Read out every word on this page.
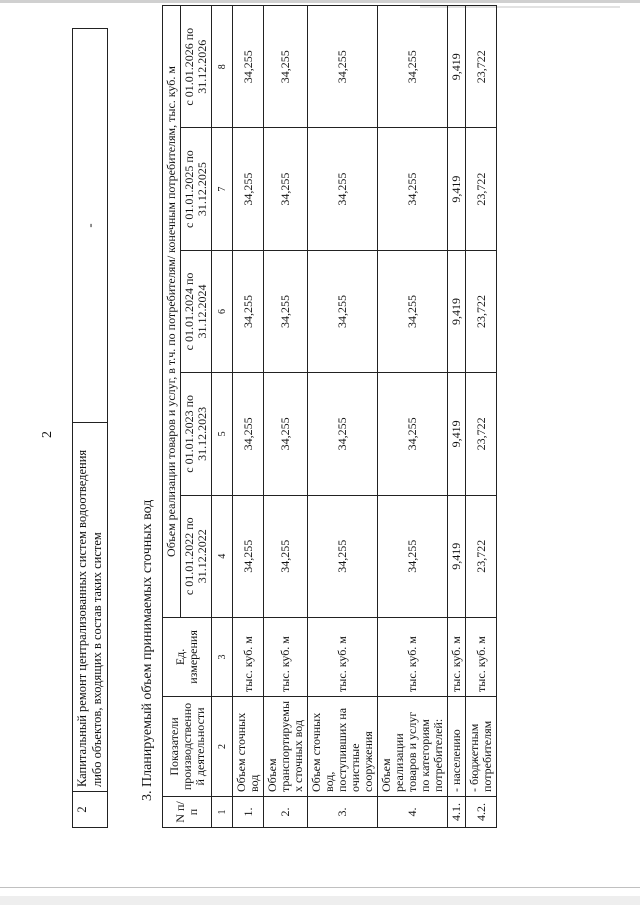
2
2	Капитальный ремонт централизованных систем водоотведения либо объектов, входящих в состав таких систем	-
3. Планируемый объем принимаемых сточных вод
N п/п	Показатели производственно й деятельности	Ед. измерения	Объем реализации товаров и услуг, в т.ч. по потребителям/ конечным потребителям, тыс. куб. м				
			с 01.01.2022 по 31.12.2022	с 01.01.2023 по 31.12.2023	с 01.01.2024 по 31.12.2024	с 01.01.2025 по 31.12.2025	с 01.01.2026 по 31.12.2026
1	2	3	4	5	6	7	8
1.	Объем сточных вод	тыс. куб. м	34,255	34,255	34,255	34,255	34,255
2.	Объем транспортируемы х сточных вод	тыс. куб. м	34,255	34,255	34,255	34,255	34,255
3.	Объем сточных вод, поступивших на очистные сооружения	тыс. куб. м	34,255	34,255	34,255	34,255	34,255
4.	Объем реализации товаров и услуг по категориям потребителей:	тыс. куб. м	34,255	34,255	34,255	34,255	34,255
4.1.	- населению	тыс. куб. м	9,419	9,419	9,419	9,419	9,419
4.2.	- бюджетным потребителям	тыс. куб. м	23,722	23,722	23,722	23,722	23,722
